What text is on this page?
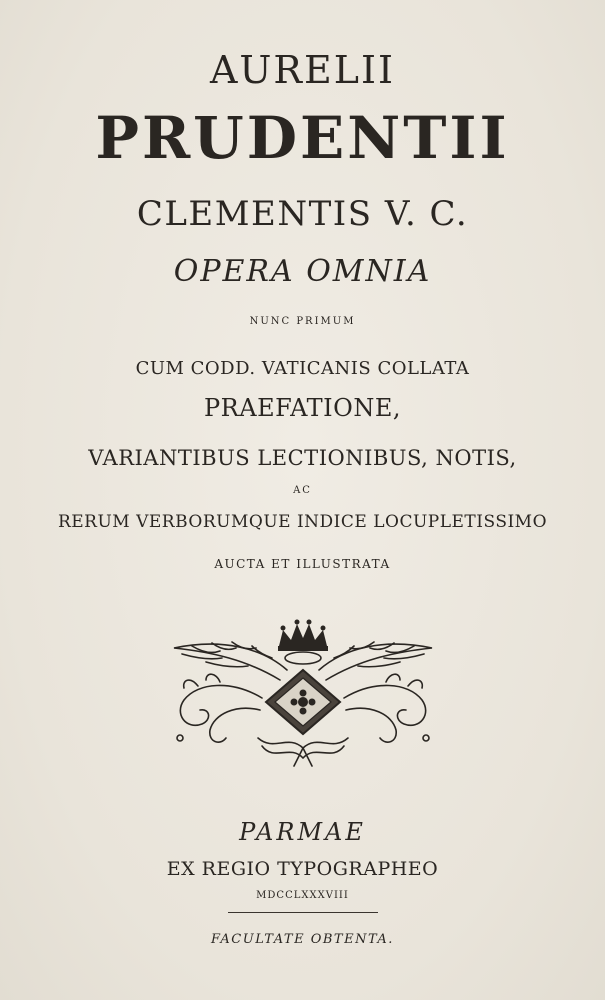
AURELII
PRUDENTII
CLEMENTIS V. C.
OPERA OMNIA
NUNC PRIMUM
CUM CODD. VATICANIS COLLATA
PRAEFATIONE,
VARIANTIBUS LECTIONIBUS, NOTIS,
AC
RERUM VERBORUMQUE INDICE LOCUPLETISSIMO
AUCTA ET ILLUSTRATA
PARMAE
EX REGIO TYPOGRAPHEO
MDCCLXXXVIII
FACULTATE OBTENTA.
